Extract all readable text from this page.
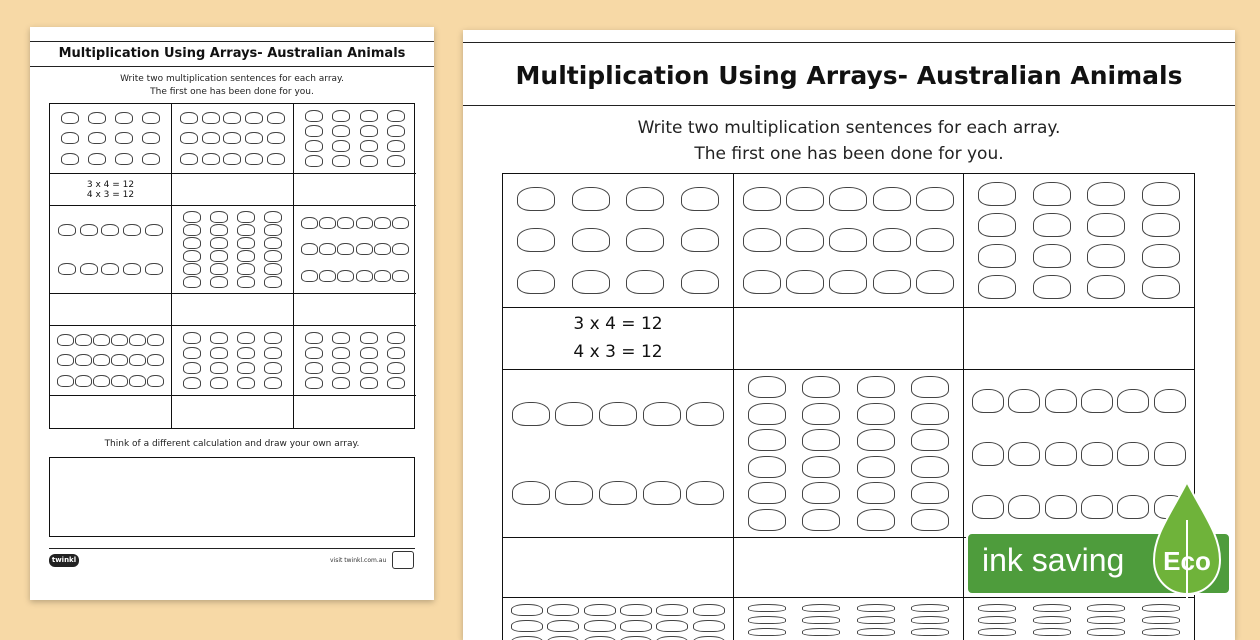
Multiplication Using Arrays- Australian Animals
Write two multiplication sentences for each array.
The first one has been done for you.
3 x 4 = 12
4 x 3 = 12
Think of a different calculation and draw your own array.
twinkl	visit twinkl.com.au
Multiplication Using Arrays- Australian Animals
Write two multiplication sentences for each array.
The first one has been done for you.
3 x 4 = 12
4 x 3 = 12
ink saving Eco
